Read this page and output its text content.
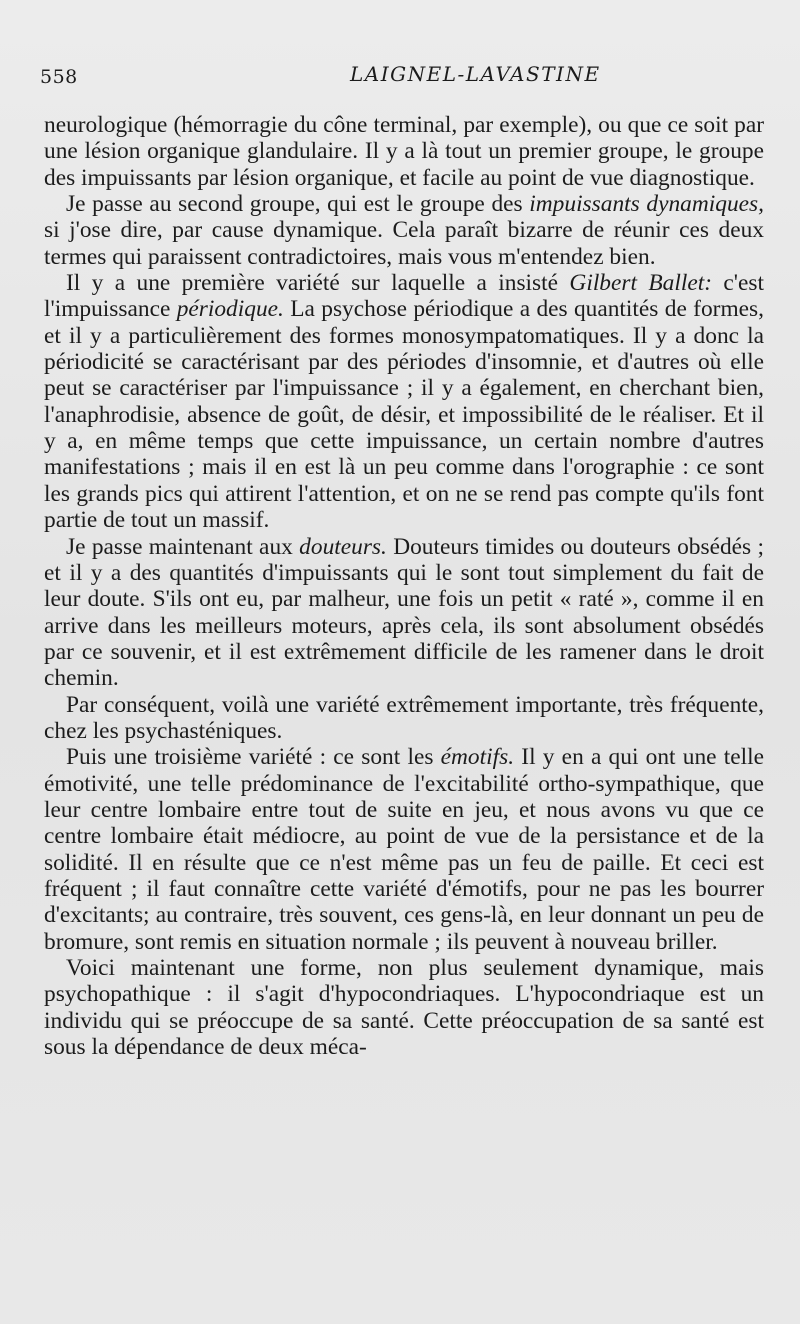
558	LAIGNEL-LAVASTINE

neurologique (hémorragie du cône terminal, par exemple), ou que ce soit par une lésion organique glandulaire. Il y a là tout un premier groupe, le groupe des impuissants par lésion organique, et facile au point de vue diagnostique.

Je passe au second groupe, qui est le groupe des impuissants dynamiques, si j'ose dire, par cause dynamique. Cela paraît bizarre de réunir ces deux termes qui paraissent contradictoires, mais vous m'entendez bien.

Il y a une première variété sur laquelle a insisté Gilbert Ballet: c'est l'impuissance périodique. La psychose périodique a des quantités de formes, et il y a particulièrement des formes monosympatomatiques. Il y a donc la périodicité se caractérisant par des périodes d'insomnie, et d'autres où elle peut se caractériser par l'impuissance ; il y a également, en cherchant bien, l'anaphrodisie, absence de goût, de désir, et impossibilité de le réaliser. Et il y a, en même temps que cette impuissance, un certain nombre d'autres manifestations ; mais il en est là un peu comme dans l'orographie : ce sont les grands pics qui attirent l'attention, et on ne se rend pas compte qu'ils font partie de tout un massif.

Je passe maintenant aux douteurs. Douteurs timides ou douteurs obsédés ; et il y a des quantités d'impuissants qui le sont tout simplement du fait de leur doute. S'ils ont eu, par malheur, une fois un petit « raté », comme il en arrive dans les meilleurs moteurs, après cela, ils sont absolument obsédés par ce souvenir, et il est extrêmement difficile de les ramener dans le droit chemin.

Par conséquent, voilà une variété extrêmement importante, très fréquente, chez les psychasténiques.

Puis une troisième variété : ce sont les émotifs. Il y en a qui ont une telle émotivité, une telle prédominance de l'excitabilité ortho-sympathique, que leur centre lombaire entre tout de suite en jeu, et nous avons vu que ce centre lombaire était médiocre, au point de vue de la persistance et de la solidité. Il en résulte que ce n'est même pas un feu de paille. Et ceci est fréquent ; il faut connaître cette variété d'émotifs, pour ne pas les bourrer d'excitants; au contraire, très souvent, ces gens-là, en leur donnant un peu de bromure, sont remis en situation normale ; ils peuvent à nouveau briller.

Voici maintenant une forme, non plus seulement dynamique, mais psychopathique : il s'agit d'hypocondriaques. L'hypocondriaque est un individu qui se préoccupe de sa santé. Cette préoccupation de sa santé est sous la dépendance de deux méca-
